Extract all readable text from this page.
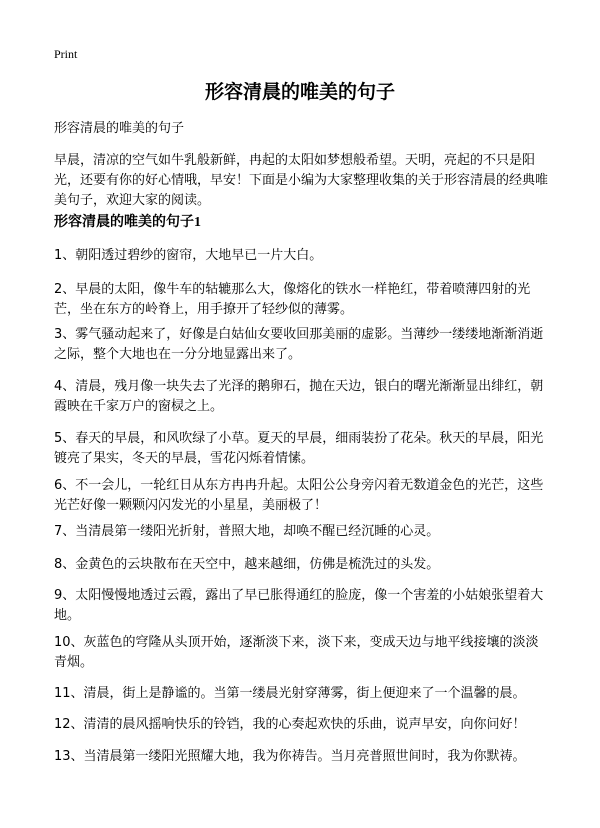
Print
形容清晨的唯美的句子

形容清晨的唯美的句子

早晨，清凉的空气如牛乳般新鲜，冉起的太阳如梦想般希望。天明，亮起的不只是阳光，还要有你的好心情哦，早安！下面是小编为大家整理收集的关于形容清晨的经典唯美句子，欢迎大家的阅读。

形容清晨的唯美的句子1

1、朝阳透过碧纱的窗帘，大地早已一片大白。

2、早晨的太阳，像牛车的轱辘那么大，像熔化的铁水一样艳红，带着喷薄四射的光芒，坐在东方的岭脊上，用手撩开了轻纱似的薄雾。

3、雾气骚动起来了，好像是白姑仙女要收回那美丽的虚影。当薄纱一缕缕地渐渐消逝之际，整个大地也在一分分地显露出来了。

4、清晨，残月像一块失去了光泽的鹅卵石，抛在天边，银白的曙光渐渐显出绯红，朝霞映在千家万户的窗棂之上。

5、春天的早晨，和风吹绿了小草。夏天的早晨，细雨装扮了花朵。秋天的早晨，阳光镀亮了果实，冬天的早晨，雪花闪烁着情愫。

6、不一会儿，一轮红日从东方冉冉升起。太阳公公身旁闪着无数道金色的光芒，这些光芒好像一颗颗闪闪发光的小星星，美丽极了！

7、当清晨第一缕阳光折射，普照大地，却唤不醒已经沉睡的心灵。

8、金黄色的云块散布在天空中，越来越细，仿佛是梳洗过的头发。

9、太阳慢慢地透过云霞，露出了早已胀得通红的脸庞，像一个害羞的小姑娘张望着大地。

10、灰蓝色的穹隆从头顶开始，逐渐淡下来，淡下来，变成天边与地平线接壤的淡淡青烟。

11、清晨，街上是静谧的。当第一缕晨光射穿薄雾，街上便迎来了一个温馨的晨。

12、清清的晨风摇响快乐的铃铛，我的心奏起欢快的乐曲，说声早安，向你问好！

13、当清晨第一缕阳光照耀大地，我为你祷告。当月亮普照世间时，我为你默祷。
